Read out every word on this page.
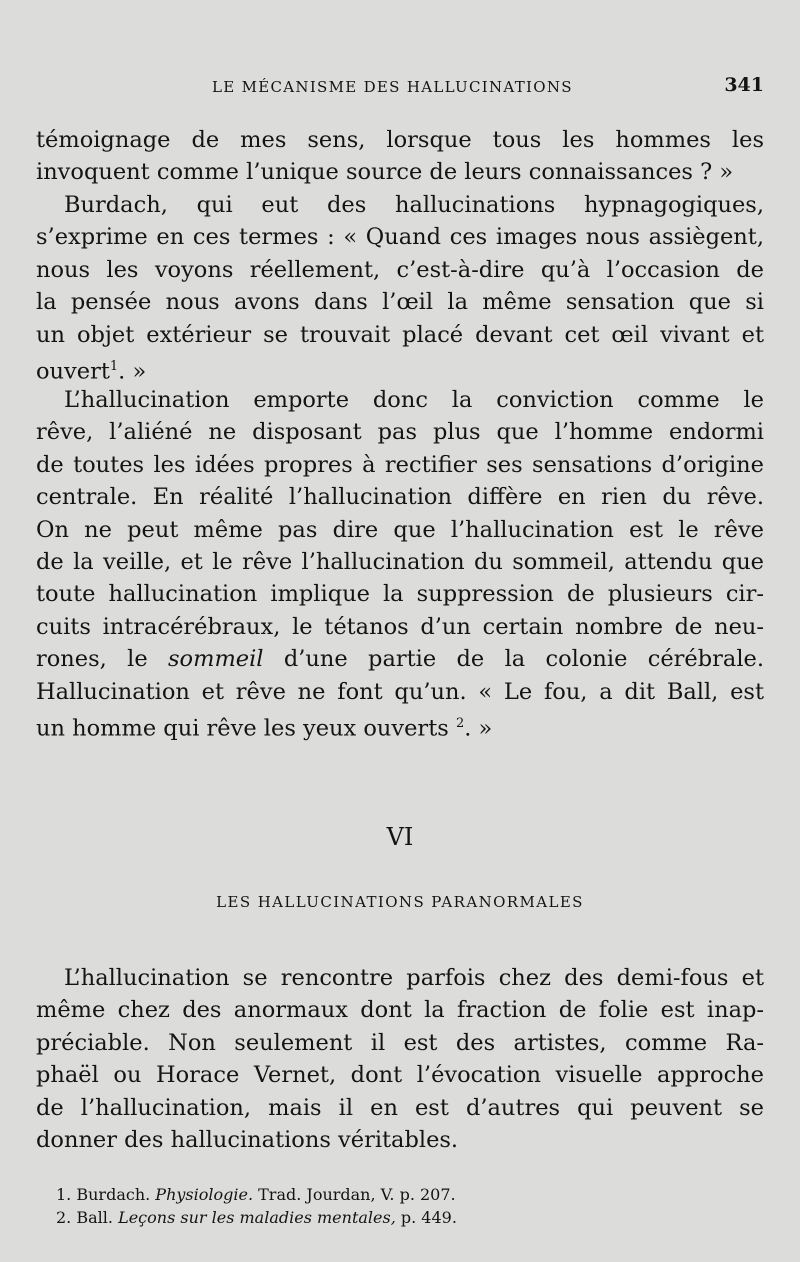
LE MÉCANISME DES HALLUCINATIONS	341
témoignage de mes sens, lorsque tous les hommes les
invoquent comme l’unique source de leurs connaissances ? »
Burdach, qui eut des hallucinations hypnagogiques,
s’exprime en ces termes : « Quand ces images nous assiègent,
nous les voyons réellement, c’est-à-dire qu’à l’occasion de
la pensée nous avons dans l’œil la même sensation que si
un objet extérieur se trouvait placé devant cet œil vivant et
ouvert$^1$. »
L’hallucination emporte donc la conviction comme le
rêve, l’aliéné ne disposant pas plus que l’homme endormi
de toutes les idées propres à rectifier ses sensations d’origine
centrale. En réalité l’hallucination diffère en rien du rêve.
On ne peut même pas dire que l’hallucination est le rêve
de la veille, et le rêve l’hallucination du sommeil, attendu que
toute hallucination implique la suppression de plusieurs cir-
cuits intracérébraux, le tétanos d’un certain nombre de neu-
rones, le sommeil d’une partie de la colonie cérébrale.
Hallucination et rêve ne font qu’un. « Le fou, a dit Ball, est
un homme qui rêve les yeux ouverts $^2$. »
VI
LES HALLUCINATIONS PARANORMALES
L’hallucination se rencontre parfois chez des demi-fous et
même chez des anormaux dont la fraction de folie est inap-
préciable. Non seulement il est des artistes, comme Ra-
phaël ou Horace Vernet, dont l’évocation visuelle approche
de l’hallucination, mais il en est d’autres qui peuvent se
donner des hallucinations véritables.
1. Burdach. Physiologie. Trad. Jourdan, V. p. 207.
2. Ball. Leçons sur les maladies mentales, p. 449.
